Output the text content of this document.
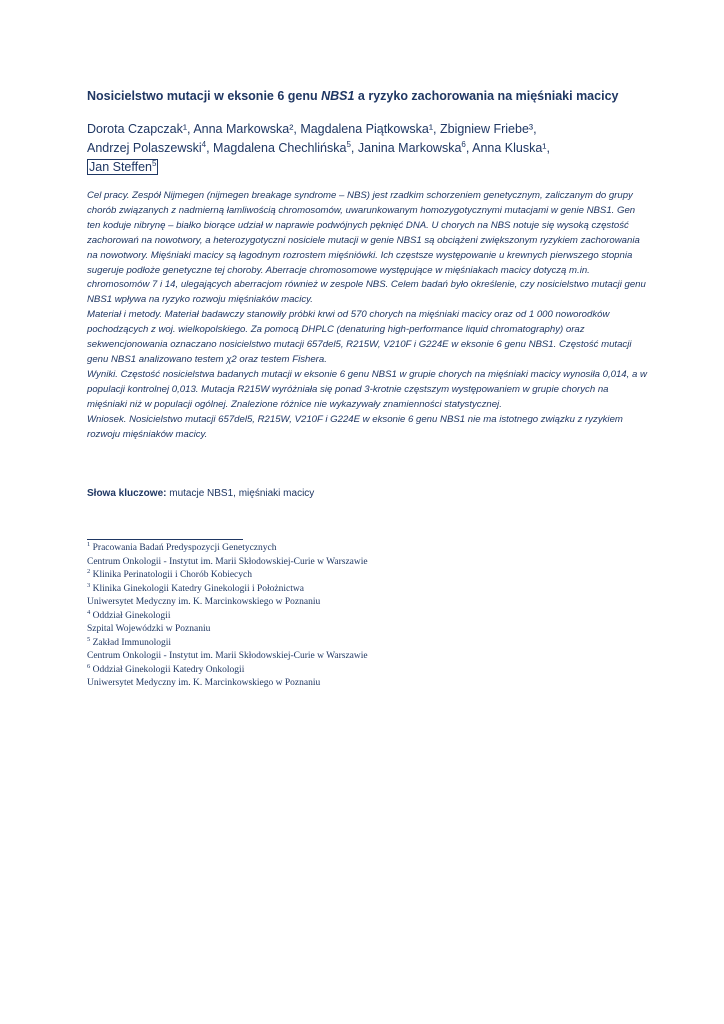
Nosicielstwo mutacji w eksonie 6 genu NBS1 a ryzyko zachorowania na mięśniaki macicy
Dorota Czapczak¹, Anna Markowska², Magdalena Piątkowska¹, Zbigniew Friebe³,
Andrzej Polaszewski$^4$, Magdalena Chechlińska$^5$, Janina Markowska$^6$, Anna Kluska¹,
Jan Steffen$^5$

Cel pracy. Zespół Nijmegen (nijmegen breakage syndrome – NBS) jest rzadkim schorzeniem genetycznym, zaliczanym do grupy chorób związanych z nadmierną łamliwością chromosomów, uwarunkowanym homozygotycznymi mutacjami w genie NBS1. Gen ten koduje nibrynę – białko biorące udział w naprawie podwójnych pęknięć DNA. U chorych na NBS notuje się wysoką częstość zachorowań na nowotwory, a heterozygotyczni nosiciele mutacji w genie NBS1 są obciążeni zwiększonym ryzykiem zachorowania na nowotwory. Mięśniaki macicy są łagodnym rozrostem mięśniówki. Ich częstsze występowanie u krewnych pierwszego stopnia sugeruje podłoże genetyczne tej choroby. Aberracje chromosomowe występujące w mięśniakach macicy dotyczą m.in. chromosomów 7 i 14, ulegających aberracjom również w zespole NBS. Celem badań było określenie, czy nosicielstwo mutacji genu NBS1 wpływa na ryzyko rozwoju mięśniaków macicy.

Materiał i metody. Materiał badawczy stanowiły próbki krwi od 570 chorych na mięśniaki macicy oraz od 1 000 noworodków pochodzących z woj. wielkopolskiego. Za pomocą DHPLC (denaturing high-performance liquid chromatography) oraz sekwencjonowania oznaczano nosicielstwo mutacji 657del5, R215W, V210F i G224E w eksonie 6 genu NBS1. Częstość mutacji genu NBS1 analizowano testem χ2 oraz testem Fishera.

Wyniki. Częstość nosicielstwa badanych mutacji w eksonie 6 genu NBS1 w grupie chorych na mięśniaki macicy wynosiła 0,014, a w populacji kontrolnej 0,013. Mutacja R215W wyróżniała się ponad 3-krotnie częstszym występowaniem w grupie chorych na mięśniaki niż w populacji ogólnej. Znalezione różnice nie wykazywały znamienności statystycznej.

Wniosek. Nosicielstwo mutacji 657del5, R215W, V210F i G224E w eksonie 6 genu NBS1 nie ma istotnego związku z ryzykiem rozwoju mięśniaków macicy.

Słowa kluczowe: mutacje NBS1, mięśniaki macicy
$^1$ Pracowania Badań Predyspozycji Genetycznych
Centrum Onkologii - Instytut im. Marii Skłodowskiej-Curie w Warszawie
$^2$ Klinika Perinatologii i Chorób Kobiecych
$^3$ Klinika Ginekologii Katedry Ginekologii i Położnictwa
Uniwersytet Medyczny im. K. Marcinkowskiego w Poznaniu
$^4$ Oddział Ginekologii
Szpital Wojewódzki w Poznaniu
$^5$ Zakład Immunologii
Centrum Onkologii - Instytut im. Marii Skłodowskiej-Curie w Warszawie
$^6$ Oddział Ginekologii Katedry Onkologii
Uniwersytet Medyczny im. K. Marcinkowskiego w Poznaniu
